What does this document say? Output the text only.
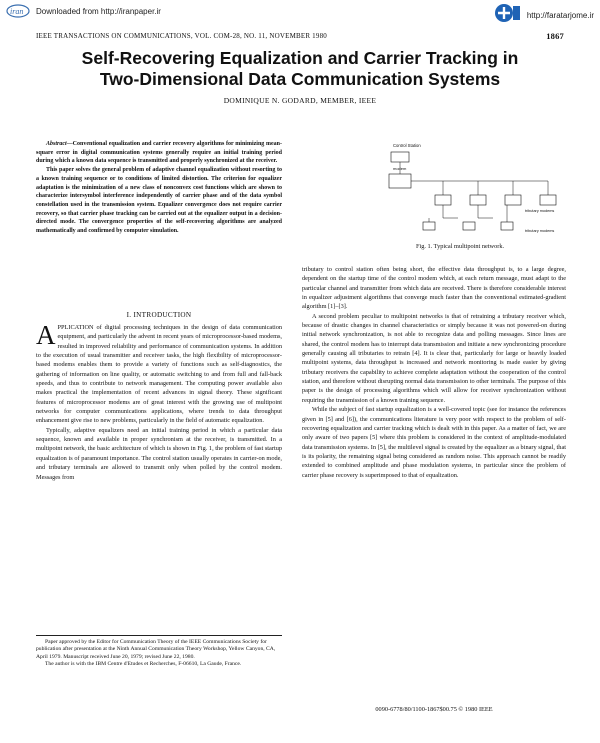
iran Downloaded from http://iranpaper.ir	http://faratarjome.ir
IEEE TRANSACTIONS ON COMMUNICATIONS, VOL. COM-28, NO. 11, NOVEMBER 1980	1867
Self-Recovering Equalization and Carrier Tracking in
Two-Dimensional Data Communication Systems
DOMINIQUE N. GODARD, MEMBER, IEEE

Abstract—Conventional equalization and carrier recovery algorithms for minimizing mean-square error in digital communication systems generally require an initial training period during which a known data sequence is transmitted and properly synchronized at the receiver.

This paper solves the general problem of adaptive channel equalization without resorting to a known training sequence or to conditions of limited distortion. The criterion for equalizer adaptation is the minimization of a new class of nonconvex cost functions which are shown to characterize intersymbol interference independently of carrier phase and of the data symbol constellation used in the transmission system. Equalizer convergence does not require carrier recovery, so that carrier phase tracking can be carried out at the equalizer output in a decision-directed mode. The convergence properties of the self-recovering algorithms are analyzed mathematically and confirmed by computer simulation.

I. INTRODUCTION

APPLICATION of digital processing techniques in the design of data communication equipment, and particularly the advent in recent years of microprocessor-based modems, resulted in improved reliability and performance of communication systems. In addition to the execution of usual transmitter and receiver tasks, the high flexibility of microprocessor-based modems enables them to provide a variety of functions such as self-diagnostics, the gathering of information on line quality, or automatic switching to and from full and fall-back speeds, and thus to contribute to network management. The computing power available also makes practical the implementation of recent advances in signal theory. These significant features of microprocessor modems are of great interest with the growing use of multipoint networks for computer communications applications, where trends to data throughput enhancement give rise to new problems, particularly in the field of automatic equalization.

Typically, adaptive equalizers need an initial training period in which a particular data sequence, known and available in proper synchronism at the receiver, is transmitted. In a multipoint network, the basic architecture of which is shown in Fig. 1, the problem of fast startup equalization is of paramount importance. The control station usually operates in carrier-on mode, and tributary terminals are allowed to transmit only when polled by the control modem. Messages from

Paper approved by the Editor for Communication Theory of the IEEE Communications Society for publication after presentation at the Ninth Annual Communication Theory Workshop, Yellow Canyon, CA, April 1979. Manuscript received June 20, 1979; revised June 22, 1980.

The author is with the IBM Centre d'Etudes et Recherches, F-06610, La Gaude, France.

Control Station
modem
tributary modems
tributary modems
Fig. 1. Typical multipoint network.

tributary to control station often being short, the effective data throughput is, to a large degree, dependent on the startup time of the control modem which, at each return message, must adapt to the particular channel and transmitter from which data are received. There is therefore considerable interest in equalizer adjustment algorithms that converge much faster than the conventional estimated-gradient algorithm [1]–[3].

A second problem peculiar to multipoint networks is that of retraining a tributary receiver which, because of drastic changes in channel characteristics or simply because it was not powered-on during initial network synchronization, is not able to recognize data and polling messages. Since lines are shared, the control modem has to interrupt data transmission and initiate a new synchronizing procedure generally causing all tributaries to retrain [4]. It is clear that, particularly for large or heavily loaded multipoint systems, data throughput is increased and network monitoring is made easier by giving tributary receivers the capability to achieve complete adaptation without the cooperation of the control station, and therefore without disrupting normal data transmission to other terminals. The purpose of this paper is the design of processing algorithms which will allow for receiver synchronization without requiring the transmission of a known training sequence.

While the subject of fast startup equalization is a well-covered topic (see for instance the references given in [5] and [6]), the communications literature is very poor with respect to the problem of self-recovering equalization and carrier tracking which is dealt with in this paper. As a matter of fact, we are only aware of two papers [5] where this problem is considered in the context of amplitude-modulated data transmission systems. In [5], the multilevel signal is created by the equalizer as a binary signal, that is its polarity, the remaining signal being considered as random noise. This approach cannot be readily extended to combined amplitude and phase modulation systems, in particular since the problem of carrier phase recovery is superimposed to that of equalization.

0090-6778/80/1100-1867$00.75 © 1980 IEEE
